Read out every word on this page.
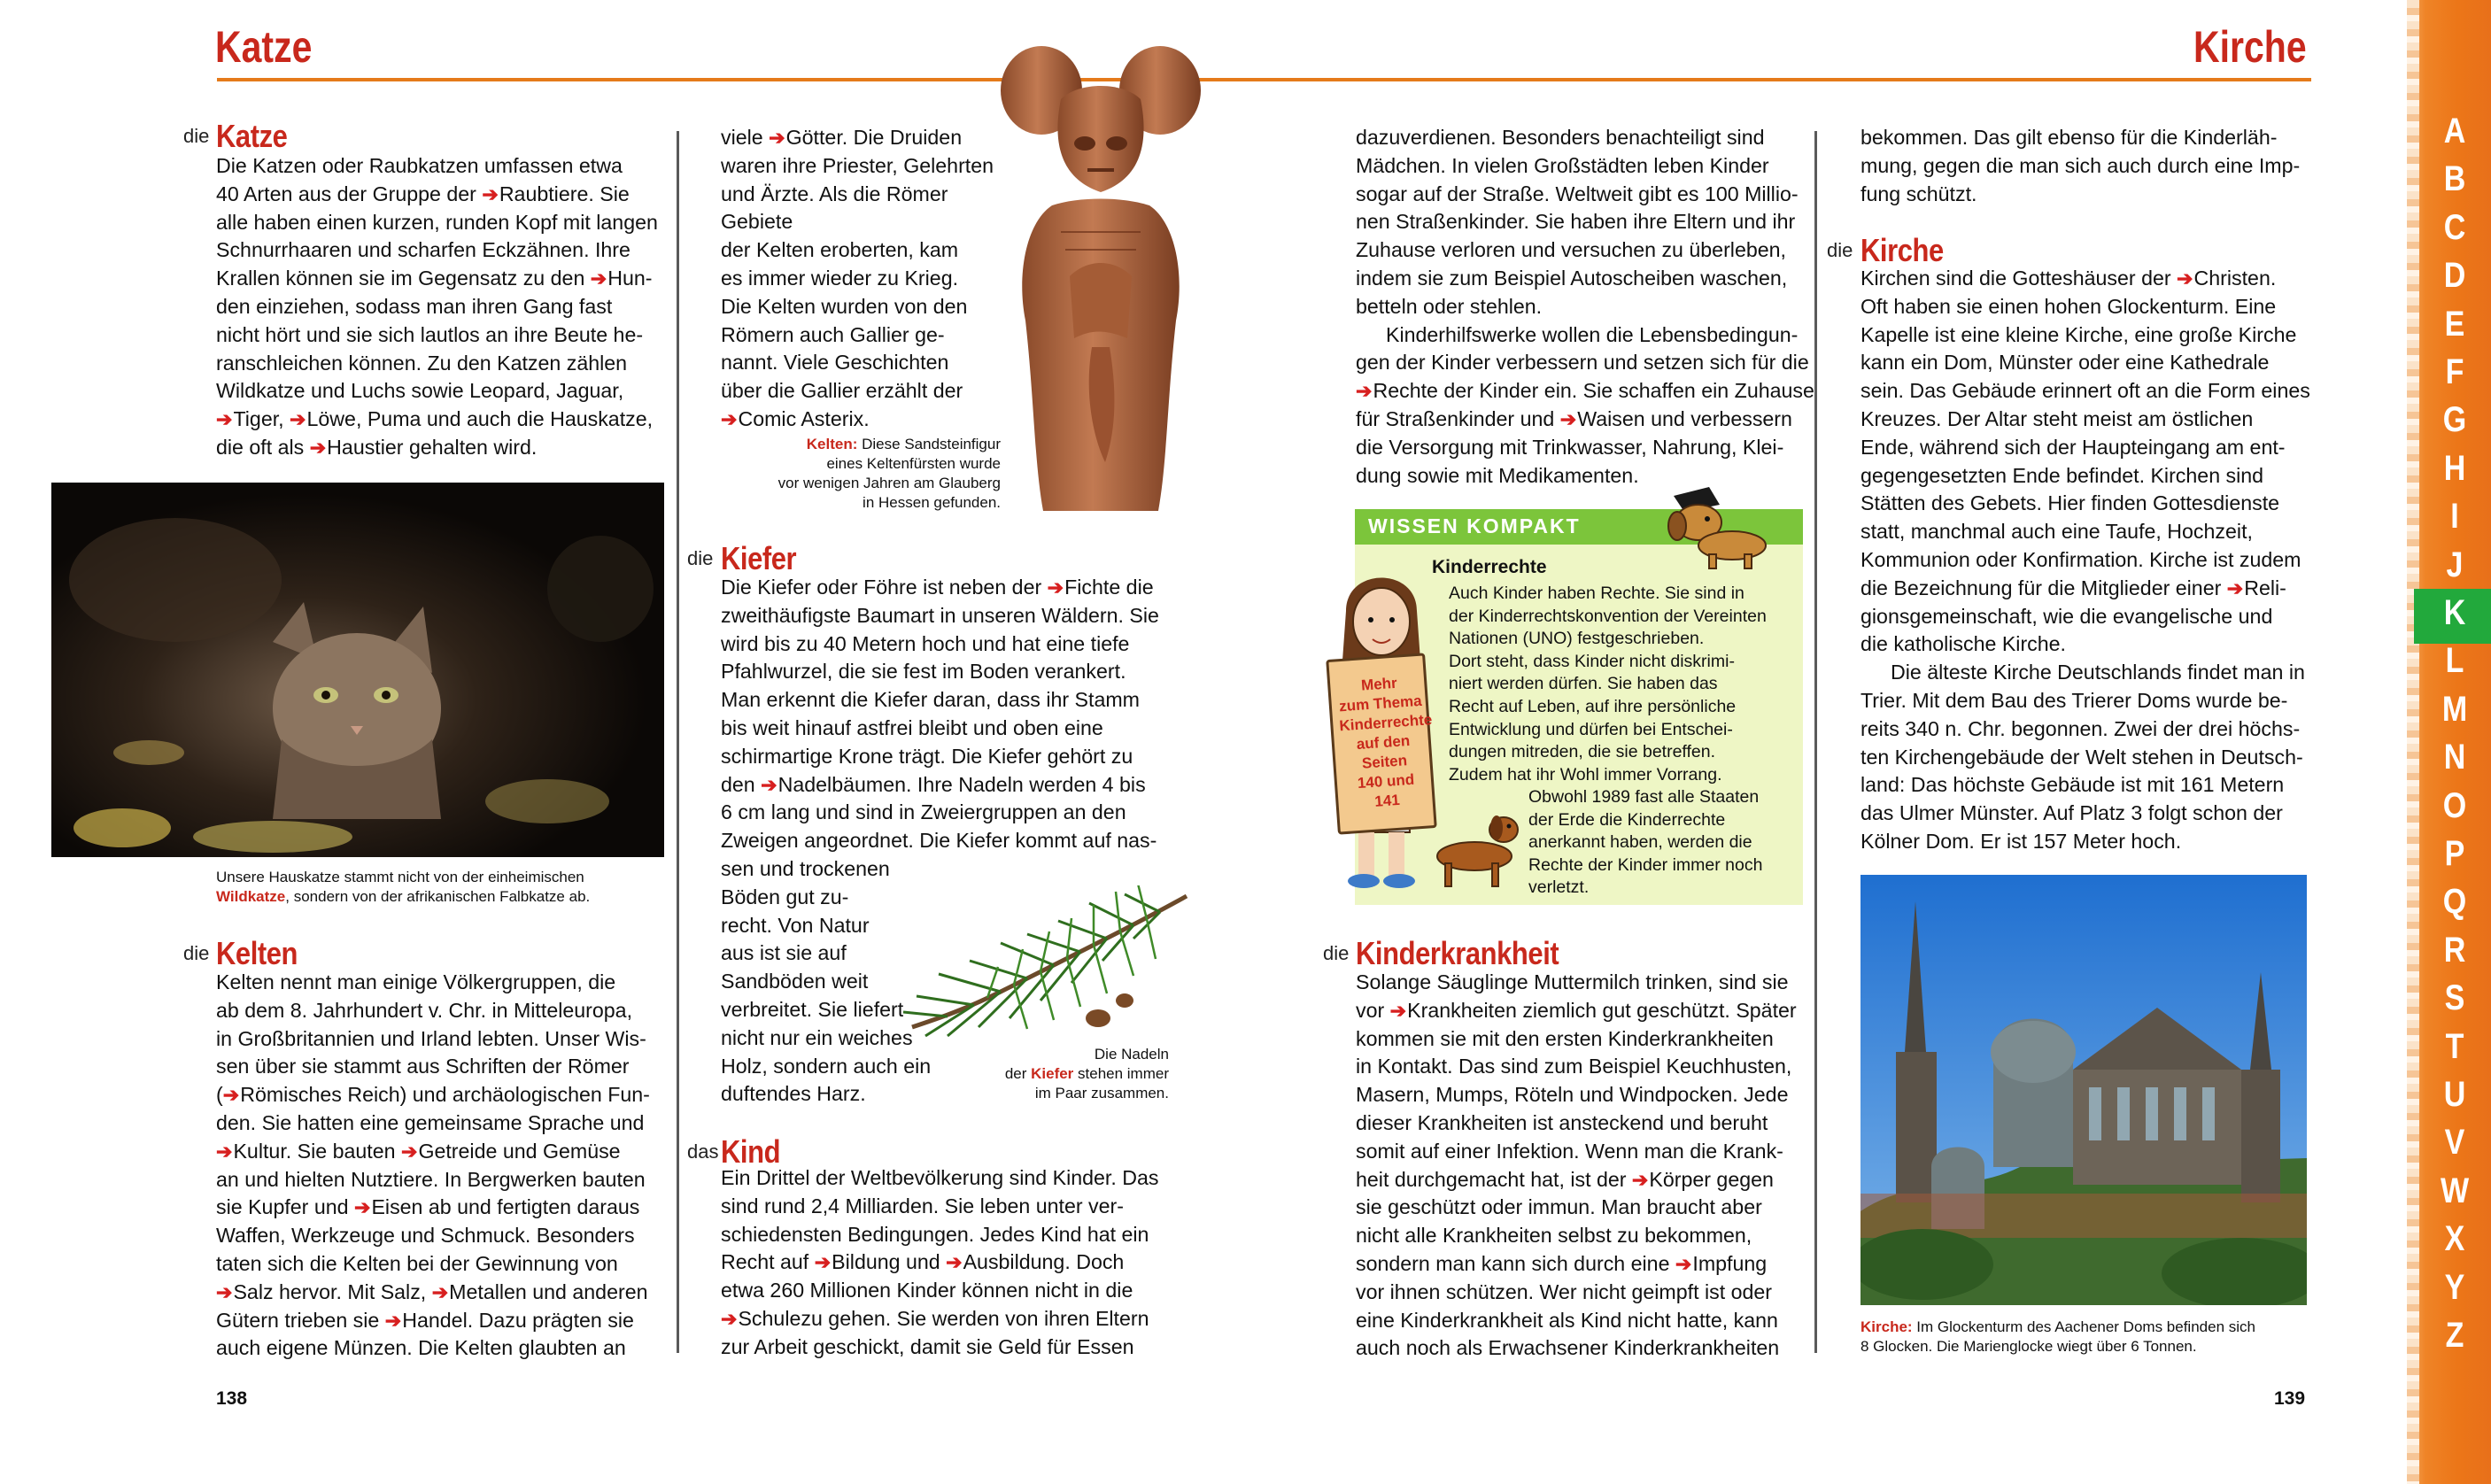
Katze	Kirche
A
B
C
D
E
F
G
H
I
J
K
L
M
N
O
P
Q
R
S
T
U
V
W
X
Y
Z
die Katze

Die Katzen oder Raubkatzen umfassen etwa

40 Arten aus der Gruppe der ➔Raubtiere. Sie

alle haben einen kurzen, runden Kopf mit langen

Schnurrhaaren und scharfen Eckzähnen. Ihre

Krallen können sie im Gegensatz zu den ➔Hun-

den einziehen, sodass man ihren Gang fast

nicht hört und sie sich lautlos an ihre Beute he-

ranschleichen können. Zu den Katzen zählen

Wildkatze und Luchs sowie Leopard, Jaguar,

➔Tiger, ➔Löwe, Puma und auch die Hauskatze,

die oft als ➔Haustier gehalten wird.

Unsere Hauskatze stammt nicht von der einheimischen
Wildkatze, sondern von der afrikanischen Falbkatze ab.
die Kelten

Kelten nennt man einige Völkergruppen, die

ab dem 8. Jahrhundert v. Chr. in Mitteleuropa,

in Großbritannien und Irland lebten. Unser Wis-

sen über sie stammt aus Schriften der Römer

(➔Römisches Reich) und archäologischen Fun-

den. Sie hatten eine gemeinsame Sprache und

➔Kultur. Sie bauten ➔Getreide und Gemüse

an und hielten Nutztiere. In Bergwerken bauten

sie Kupfer und ➔Eisen ab und fertigten daraus

Waffen, Werkzeuge und Schmuck. Besonders

taten sich die Kelten bei der Gewinnung von

➔Salz hervor. Mit Salz, ➔Metallen und anderen

Gütern trieben sie ➔Handel. Dazu prägten sie

auch eigene Münzen. Die Kelten glaubten an

138

viele ➔Götter. Die Druiden

waren ihre Priester, Gelehrten

und Ärzte. Als die Römer Gebiete

der Kelten eroberten, kam

es immer wieder zu Krieg.

Die Kelten wurden von den

Römern auch Gallier ge-

nannt. Viele Geschichten

über die Gallier erzählt der

➔Comic Asterix.

Kelten: Diese Sandsteinfigur
eines Keltenfürsten wurde
vor wenigen Jahren am Glauberg
in Hessen gefunden.
die Kiefer

Die Kiefer oder Föhre ist neben der ➔Fichte die

zweithäufigste Baumart in unseren Wäldern. Sie

wird bis zu 40 Metern hoch und hat eine tiefe

Pfahlwurzel, die sie fest im Boden verankert.

Man erkennt die Kiefer daran, dass ihr Stamm

bis weit hinauf astfrei bleibt und oben eine

schirmartige Krone trägt. Die Kiefer gehört zu

den ➔Nadelbäumen. Ihre Nadeln werden 4 bis

6 cm lang und sind in Zweiergruppen an den

Zweigen angeordnet. Die Kiefer kommt auf nas-

sen und trockenen

Böden gut zu-

recht. Von Natur

aus ist sie auf

Sandböden weit

verbreitet. Sie liefert

nicht nur ein weiches

Holz, sondern auch ein

duftendes Harz.

Die Nadeln
der Kiefer stehen immer
im Paar zusammen.
das Kind

Ein Drittel der Weltbevölkerung sind Kinder. Das

sind rund 2,4 Milliarden. Sie leben unter ver-

schiedensten Bedingungen. Jedes Kind hat ein

Recht auf ➔Bildung und ➔Ausbildung. Doch

etwa 260 Millionen Kinder können nicht in die

➔Schulezu gehen. Sie werden von ihren Eltern

zur Arbeit geschickt, damit sie Geld für Essen

dazuverdienen. Besonders benachteiligt sind

Mädchen. In vielen Großstädten leben Kinder

sogar auf der Straße. Weltweit gibt es 100 Millio-

nen Straßenkinder. Sie haben ihre Eltern und ihr

Zuhause verloren und versuchen zu überleben,

indem sie zum Beispiel Autoscheiben waschen,

betteln oder stehlen.

Kinderhilfswerke wollen die Lebensbedingun-

gen der Kinder verbessern und setzen sich für die

➔Rechte der Kinder ein. Sie schaffen ein Zuhause

für Straßenkinder und ➔Waisen und verbessern

die Versorgung mit Trinkwasser, Nahrung, Klei-

dung sowie mit Medikamenten.

WISSEN KOMPAKT
Mehr
zum Thema
Kinderrechte
auf den Seiten
140 und 141
Kinderrechte
Auch Kinder haben Rechte. Sie sind in
der Kinderrechtskonvention der Vereinten
Nationen (UNO) festgeschrieben.
Dort steht, dass Kinder nicht diskrimi-
niert werden dürfen. Sie haben das
Recht auf Leben, auf ihre persönliche
Entwicklung und dürfen bei Entschei-
dungen mitreden, die sie betreffen.
Zudem hat ihr Wohl immer Vorrang.
Obwohl 1989 fast alle Staaten
der Erde die Kinderrechte
anerkannt haben, werden die
Rechte der Kinder immer noch
verletzt.
die Kinderkrankheit

Solange Säuglinge Muttermilch trinken, sind sie

vor ➔Krankheiten ziemlich gut geschützt. Später

kommen sie mit den ersten Kinderkrankheiten

in Kontakt. Das sind zum Beispiel Keuchhusten,

Masern, Mumps, Röteln und Windpocken. Jede

dieser Krankheiten ist ansteckend und beruht

somit auf einer Infektion. Wenn man die Krank-

heit durchgemacht hat, ist der ➔Körper gegen

sie geschützt oder immun. Man braucht aber

nicht alle Krankheiten selbst zu bekommen,

sondern man kann sich durch eine ➔Impfung

vor ihnen schützen. Wer nicht geimpft ist oder

eine Kinderkrankheit als Kind nicht hatte, kann

auch noch als Erwachsener Kinderkrankheiten

bekommen. Das gilt ebenso für die Kinderläh-

mung, gegen die man sich auch durch eine Imp-

fung schützt.

die Kirche

Kirchen sind die Gotteshäuser der ➔Christen.

Oft haben sie einen hohen Glockenturm. Eine

Kapelle ist eine kleine Kirche, eine große Kirche

kann ein Dom, Münster oder eine Kathedrale

sein. Das Gebäude erinnert oft an die Form eines

Kreuzes. Der Altar steht meist am östlichen

Ende, während sich der Haupteingang am ent-

gegengesetzten Ende befindet. Kirchen sind

Stätten des Gebets. Hier finden Gottesdienste

statt, manchmal auch eine Taufe, Hochzeit,

Kommunion oder Konfirmation. Kirche ist zudem

die Bezeichnung für die Mitglieder einer ➔Reli-

gionsgemeinschaft, wie die evangelische und

die katholische Kirche.

Die älteste Kirche Deutschlands findet man in

Trier. Mit dem Bau des Trierer Doms wurde be-

reits 340 n. Chr. begonnen. Zwei der drei höchs-

ten Kirchengebäude der Welt stehen in Deutsch-

land: Das höchste Gebäude ist mit 161 Metern

das Ulmer Münster. Auf Platz 3 folgt schon der

Kölner Dom. Er ist 157 Meter hoch.

Kirche: Im Glockenturm des Aachener Doms befinden sich
8 Glocken. Die Marienglocke wiegt über 6 Tonnen.
139
